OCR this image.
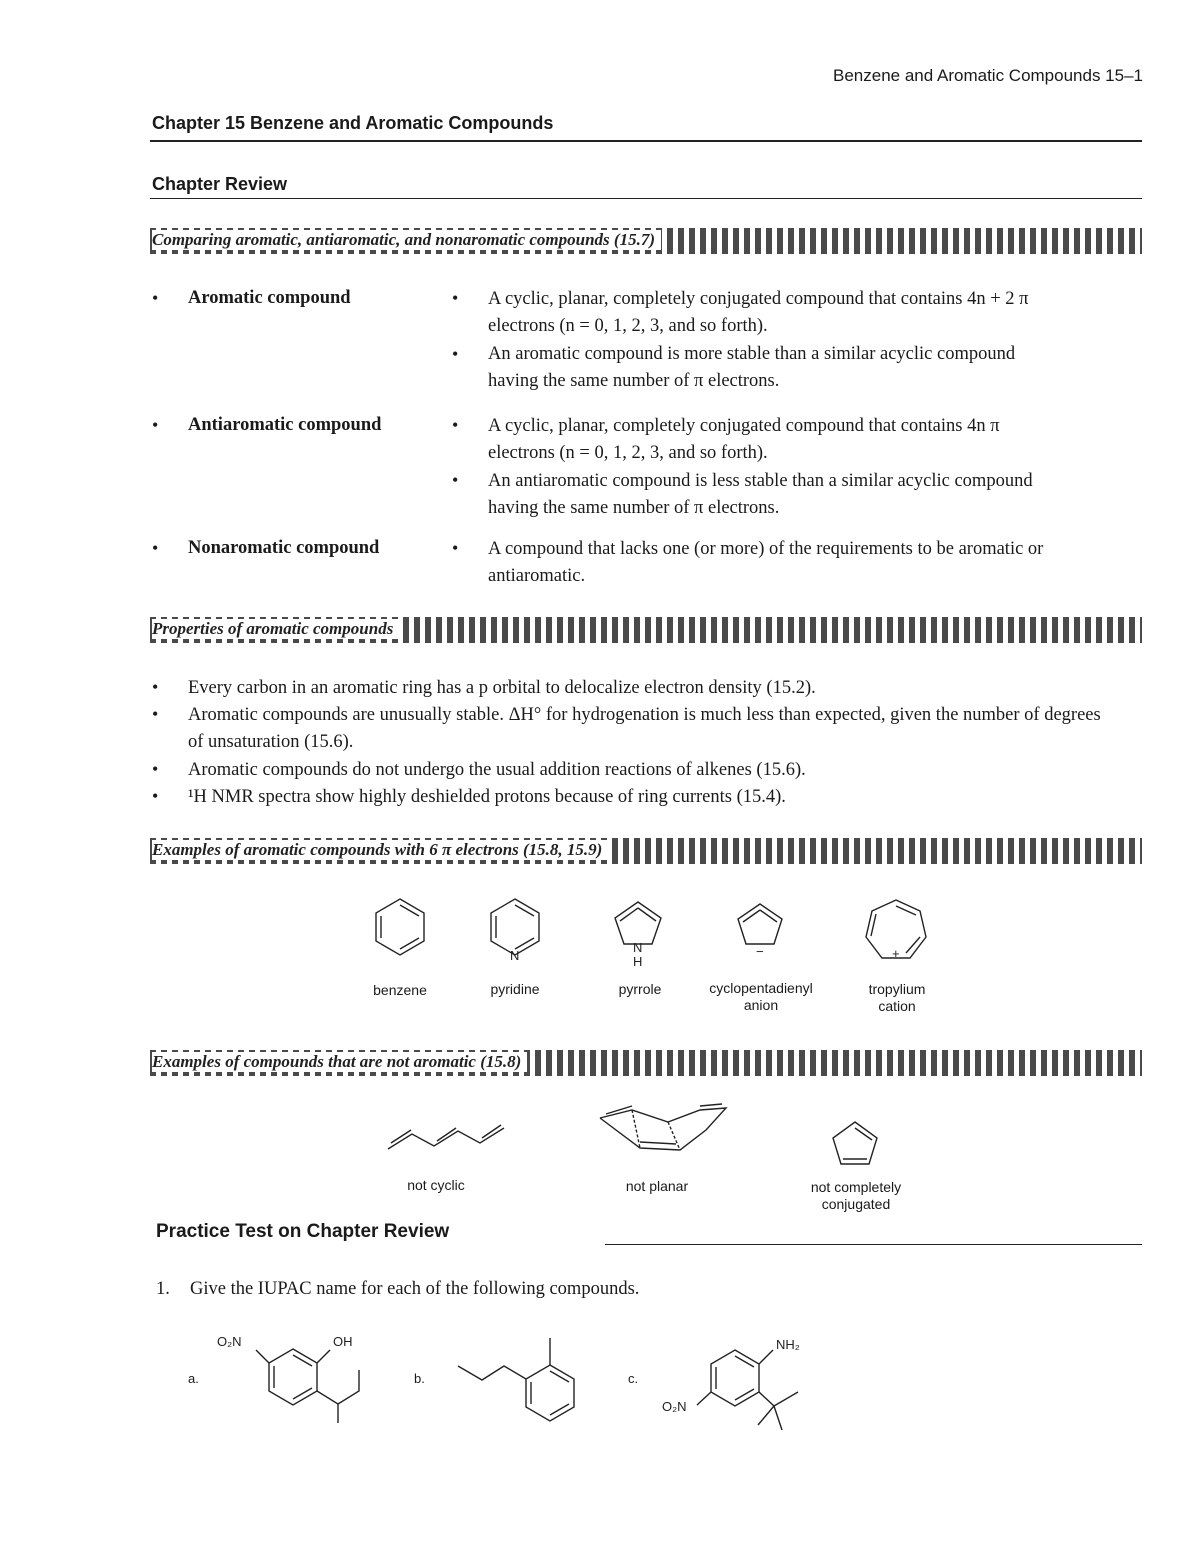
Benzene and Aromatic Compounds 15–1
Chapter 15 Benzene and Aromatic Compounds
Chapter Review
Comparing aromatic, antiaromatic, and nonaromatic compounds (15.7)
• Aromatic compound	• A cyclic, planar, completely conjugated compound that contains 4n + 2 π electrons (n = 0, 1, 2, 3, and so forth).
• An aromatic compound is more stable than a similar acyclic compound having the same number of π electrons.
• Antiaromatic compound	• A cyclic, planar, completely conjugated compound that contains 4n π electrons (n = 0, 1, 2, 3, and so forth).
• An antiaromatic compound is less stable than a similar acyclic compound having the same number of π electrons.
• Nonaromatic compound	• A compound that lacks one (or more) of the requirements to be aromatic or antiaromatic.
Properties of aromatic compounds
• Every carbon in an aromatic ring has a p orbital to delocalize electron density (15.2).
• Aromatic compounds are unusually stable. ΔH° for hydrogenation is much less than expected, given the number of degrees of unsaturation (15.6).
• Aromatic compounds do not undergo the usual addition reactions of alkenes (15.6).
• ¹H NMR spectra show highly deshielded protons because of ring currents (15.4).
Examples of aromatic compounds with 6 π electrons (15.8, 15.9)
N
N
H
−	+
benzene	pyridine	pyrrole	cyclopentadienyl
anion
tropylium
cation
Examples of compounds that are not aromatic (15.8)
not cyclic	not planar	not completely
conjugated
Practice Test on Chapter Review
1. Give the IUPAC name for each of the following compounds.
a.	b.	c.
O₂N	OH	NH₂
O₂N
